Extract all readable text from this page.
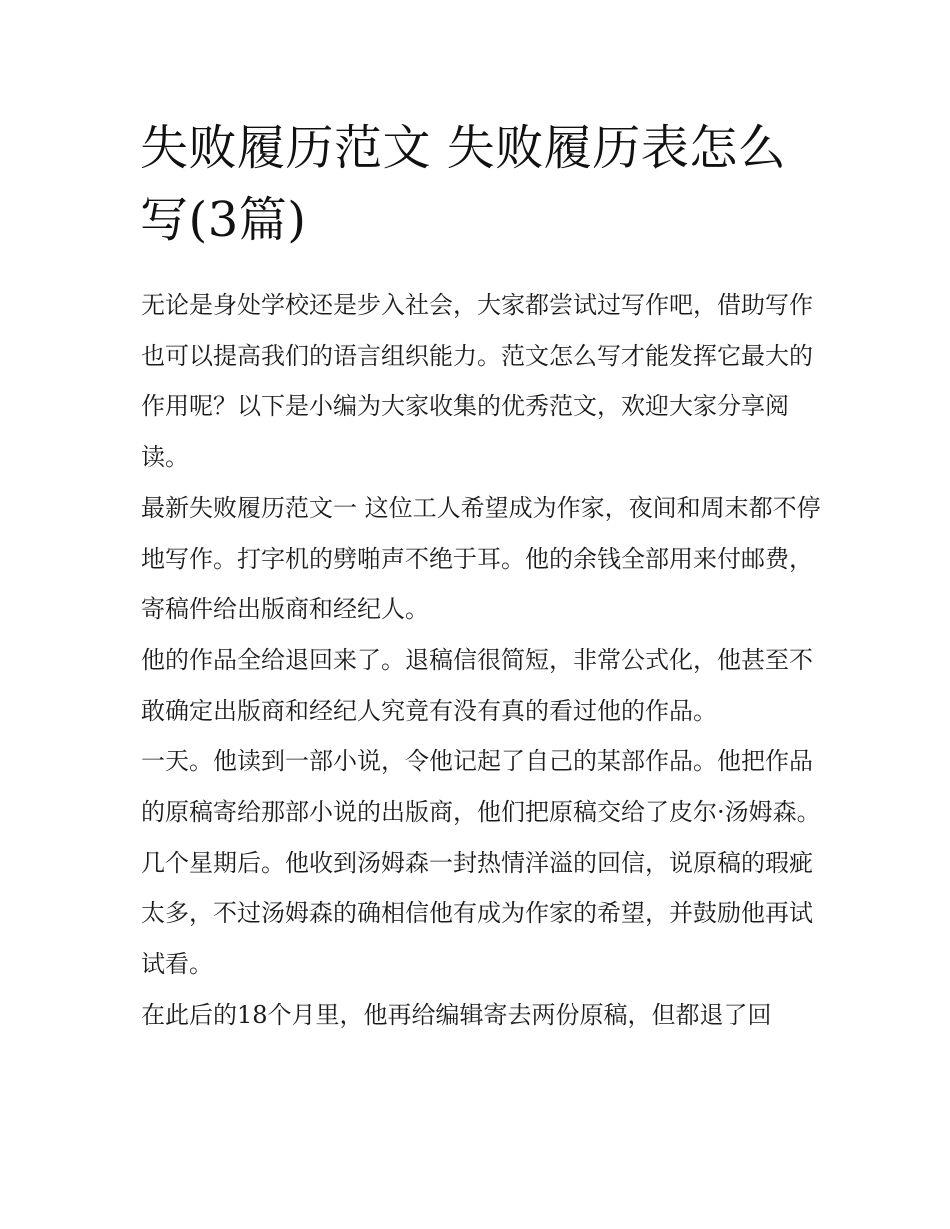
失败履历范文 失败履历表怎么写(3篇)

无论是身处学校还是步入社会，大家都尝试过写作吧，借助写作也可以提高我们的语言组织能力。范文怎么写才能发挥它最大的作用呢？以下是小编为大家收集的优秀范文，欢迎大家分享阅读。

最新失败履历范文一 这位工人希望成为作家，夜间和周末都不停地写作。打字机的劈啪声不绝于耳。他的余钱全部用来付邮费，寄稿件给出版商和经纪人。

他的作品全给退回来了。退稿信很简短，非常公式化，他甚至不敢确定出版商和经纪人究竟有没有真的看过他的作品。

一天。他读到一部小说，令他记起了自己的某部作品。他把作品的原稿寄给那部小说的出版商，他们把原稿交给了皮尔·汤姆森。

几个星期后。他收到汤姆森一封热情洋溢的回信，说原稿的瑕疵太多，不过汤姆森的确相信他有成为作家的希望，并鼓励他再试试看。

在此后的18个月里，他再给编辑寄去两份原稿，但都退了回
